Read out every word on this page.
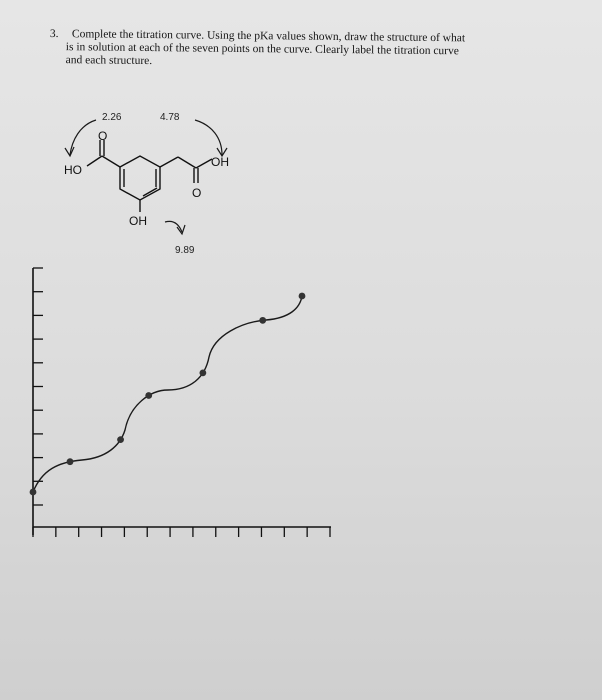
3. Complete the titration curve. Using the pKa values shown, draw the structure of what
is in solution at each of the seven points on the curve. Clearly label the titration curve
and each structure.
2.26	4.78
9.89
O
HO
OH
O
OH
